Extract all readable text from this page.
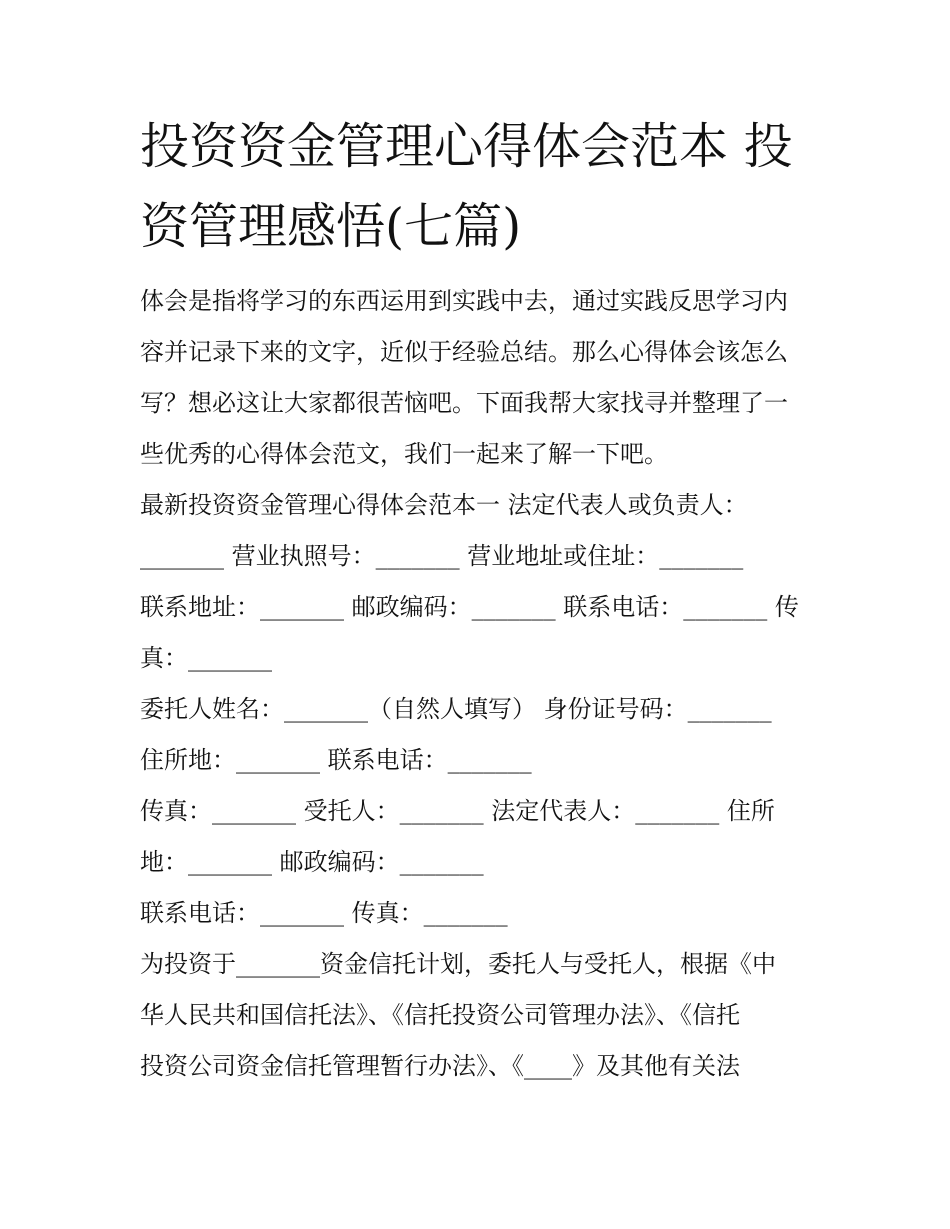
投资资金管理心得体会范本 投
资管理感悟(七篇)
体会是指将学习的东西运用到实践中去，通过实践反思学习内
容并记录下来的文字，近似于经验总结。那么心得体会该怎么
写？想必这让大家都很苦恼吧。下面我帮大家找寻并整理了一
些优秀的心得体会范文，我们一起来了解一下吧。
最新投资资金管理心得体会范本一 法定代表人或负责人：
_______ 营业执照号：_______ 营业地址或住址：_______
联系地址：_______ 邮政编码：_______ 联系电话：_______ 传
真：_______
委托人姓名：_______（自然人填写） 身份证号码：_______
住所地：_______ 联系电话：_______
传真：_______ 受托人：_______ 法定代表人：_______ 住所
地：_______ 邮政编码：_______
联系电话：_______ 传真：_______
为投资于_______资金信托计划，委托人与受托人，根据《中
华人民共和国信托法》、《信托投资公司管理办法》、《信托
投资公司资金信托管理暂行办法》、《____》及其他有关法
